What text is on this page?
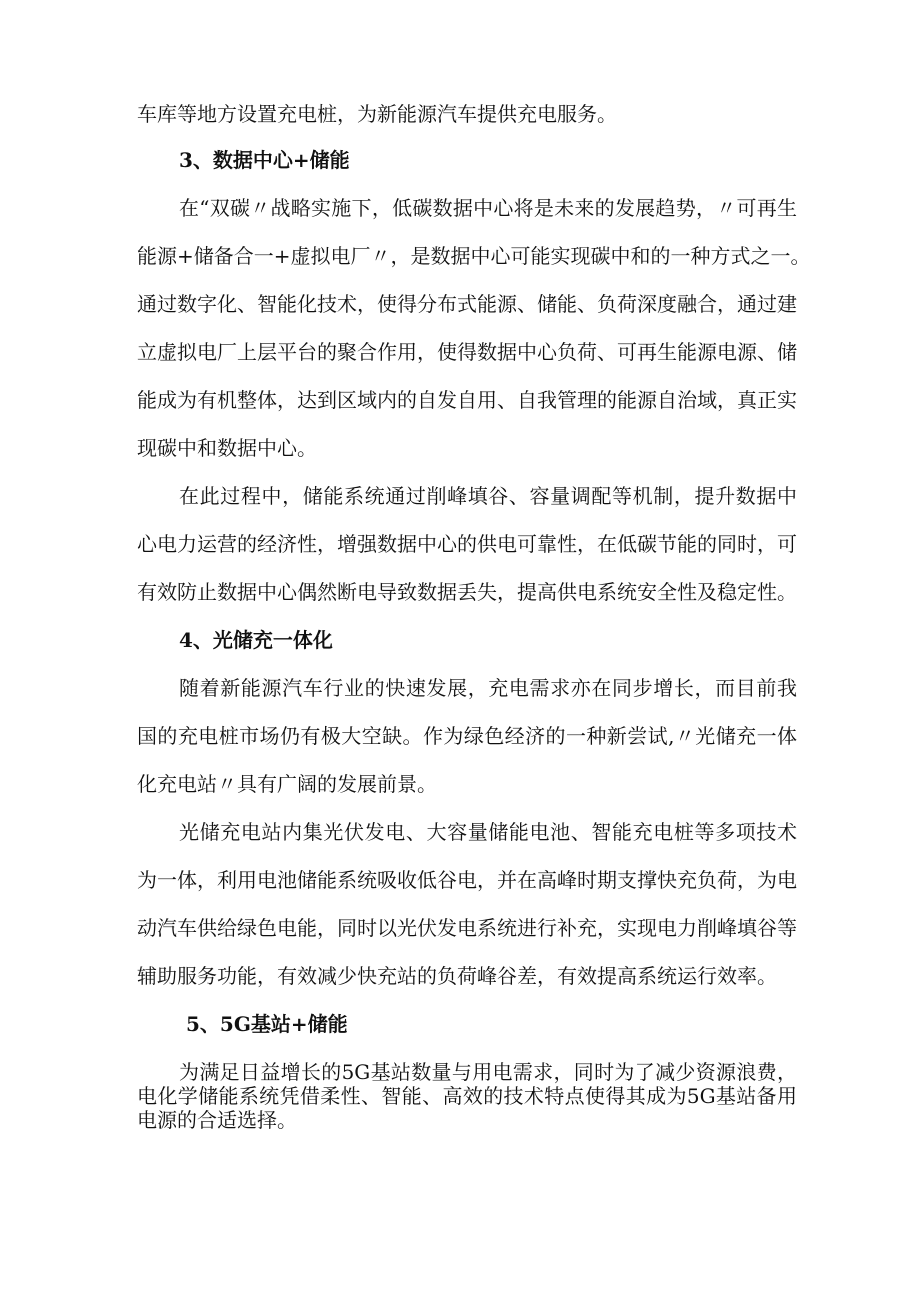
车库等地方设置充电桩，为新能源汽车提供充电服务。
3、数据中心+储能
在“双碳〃战略实施下，低碳数据中心将是未来的发展趋势，〃可再生
能源+储备合一+虚拟电厂〃，是数据中心可能实现碳中和的一种方式之一。
通过数字化、智能化技术，使得分布式能源、储能、负荷深度融合，通过建
立虚拟电厂上层平台的聚合作用，使得数据中心负荷、可再生能源电源、储
能成为有机整体，达到区域内的自发自用、自我管理的能源自治域，真正实
现碳中和数据中心。
在此过程中，储能系统通过削峰填谷、容量调配等机制，提升数据中
心电力运营的经济性，增强数据中心的供电可靠性，在低碳节能的同时，可
有效防止数据中心偶然断电导致数据丢失，提高供电系统安全性及稳定性。
4、光储充一体化
随着新能源汽车行业的快速发展，充电需求亦在同步增长，而目前我
国的充电桩市场仍有极大空缺。作为绿色经济的一种新尝试,〃光储充一体
化充电站〃具有广阔的发展前景。
光储充电站内集光伏发电、大容量储能电池、智能充电桩等多项技术
为一体，利用电池储能系统吸收低谷电，并在高峰时期支撑快充负荷，为电
动汽车供给绿色电能，同时以光伏发电系统进行补充，实现电力削峰填谷等
辅助服务功能，有效减少快充站的负荷峰谷差，有效提高系统运行效率。
5、5G基站+储能
为满足日益增长的5G基站数量与用电需求，同时为了减少资源浪费，
电化学储能系统凭借柔性、智能、高效的技术特点使得其成为5G基站备用
电源的合适选择。
